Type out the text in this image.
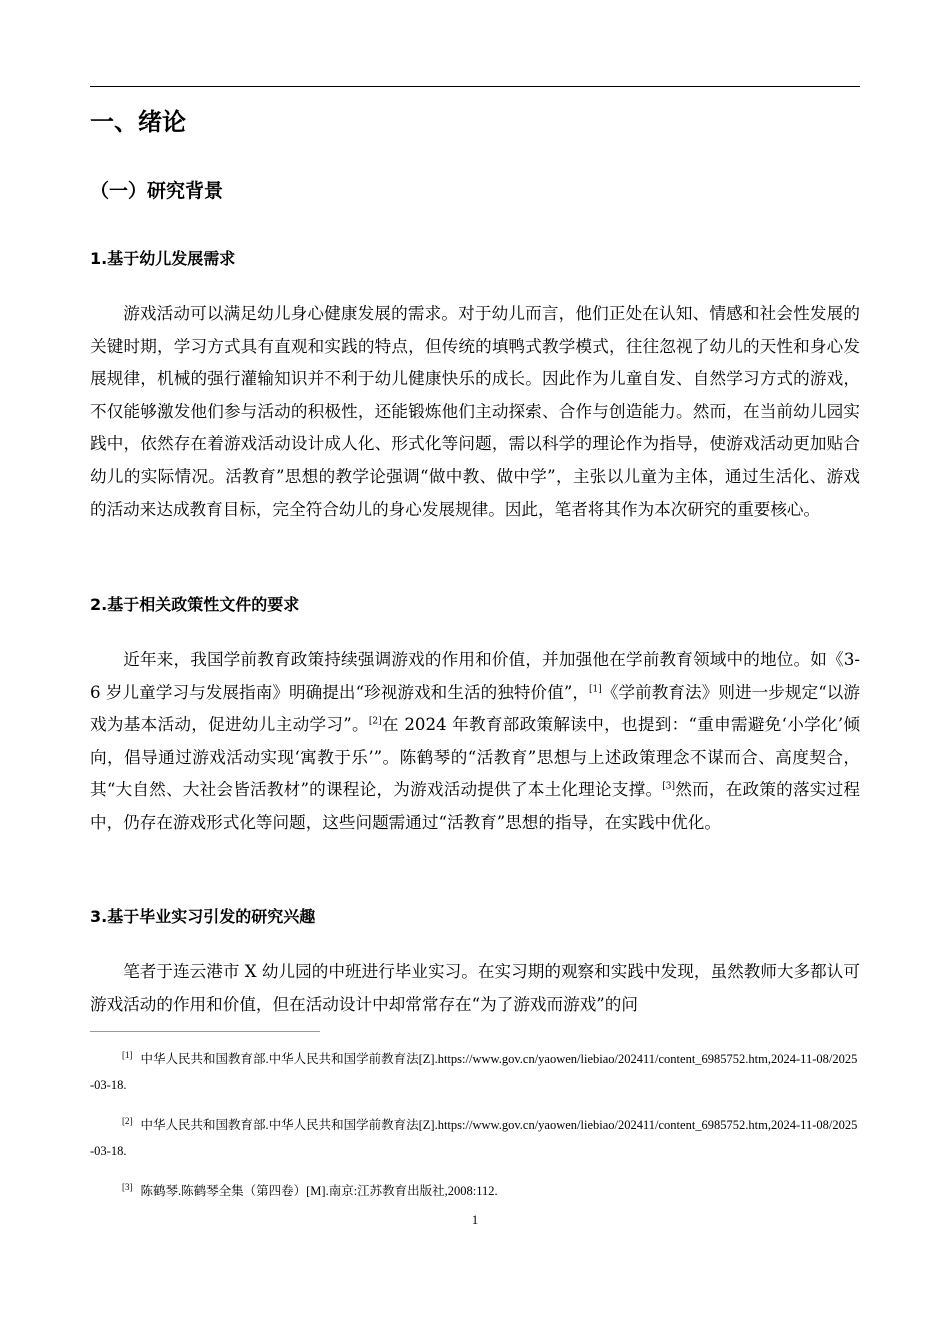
一、绪论
（一）研究背景
1.基于幼儿发展需求

游戏活动可以满足幼儿身心健康发展的需求。对于幼儿而言，他们正处在认知、情感和社会性发展的关键时期，学习方式具有直观和实践的特点，但传统的填鸭式教学模式，往往忽视了幼儿的天性和身心发展规律，机械的强行灌输知识并不利于幼儿健康快乐的成长。因此作为儿童自发、自然学习方式的游戏，不仅能够激发他们参与活动的积极性，还能锻炼他们主动探索、合作与创造能力。然而，在当前幼儿园实践中，依然存在着游戏活动设计成人化、形式化等问题，需以科学的理论作为指导，使游戏活动更加贴合幼儿的实际情况。活教育”思想的教学论强调“做中教、做中学”，主张以儿童为主体，通过生活化、游戏的活动来达成教育目标，完全符合幼儿的身心发展规律。因此，笔者将其作为本次研究的重要核心。

2.基于相关政策性文件的要求

近年来，我国学前教育政策持续强调游戏的作用和价值，并加强他在学前教育领域中的地位。如《3-6 岁儿童学习与发展指南》明确提出“珍视游戏和生活的独特价值”，[1]《学前教育法》则进一步规定“以游戏为基本活动，促进幼儿主动学习”。[2]在 2024 年教育部政策解读中，也提到：“重申需避免‘小学化’倾向，倡导通过游戏活动实现‘寓教于乐’”。陈鹤琴的“活教育”思想与上述政策理念不谋而合、高度契合，其“大自然、大社会皆活教材”的课程论，为游戏活动提供了本土化理论支撑。[3]然而，在政策的落实过程中，仍存在游戏形式化等问题，这些问题需通过“活教育”思想的指导，在实践中优化。

3.基于毕业实习引发的研究兴趣

笔者于连云港市 X 幼儿园的中班进行毕业实习。在实习期的观察和实践中发现，虽然教师大多都认可游戏活动的作用和价值，但在活动设计中却常常存在“为了游戏而游戏”的问

[1] 中华人民共和国教育部.中华人民共和国学前教育法[Z].https://www.gov.cn/yaowen/liebiao/202411/content_6985752.htm,2024-11-08/2025-03-18.

[2] 中华人民共和国教育部.中华人民共和国学前教育法[Z].https://www.gov.cn/yaowen/liebiao/202411/content_6985752.htm,2024-11-08/2025-03-18.

[3] 陈鹤琴.陈鹤琴全集（第四卷）[M].南京:江苏教育出版社,2008:112.

1
